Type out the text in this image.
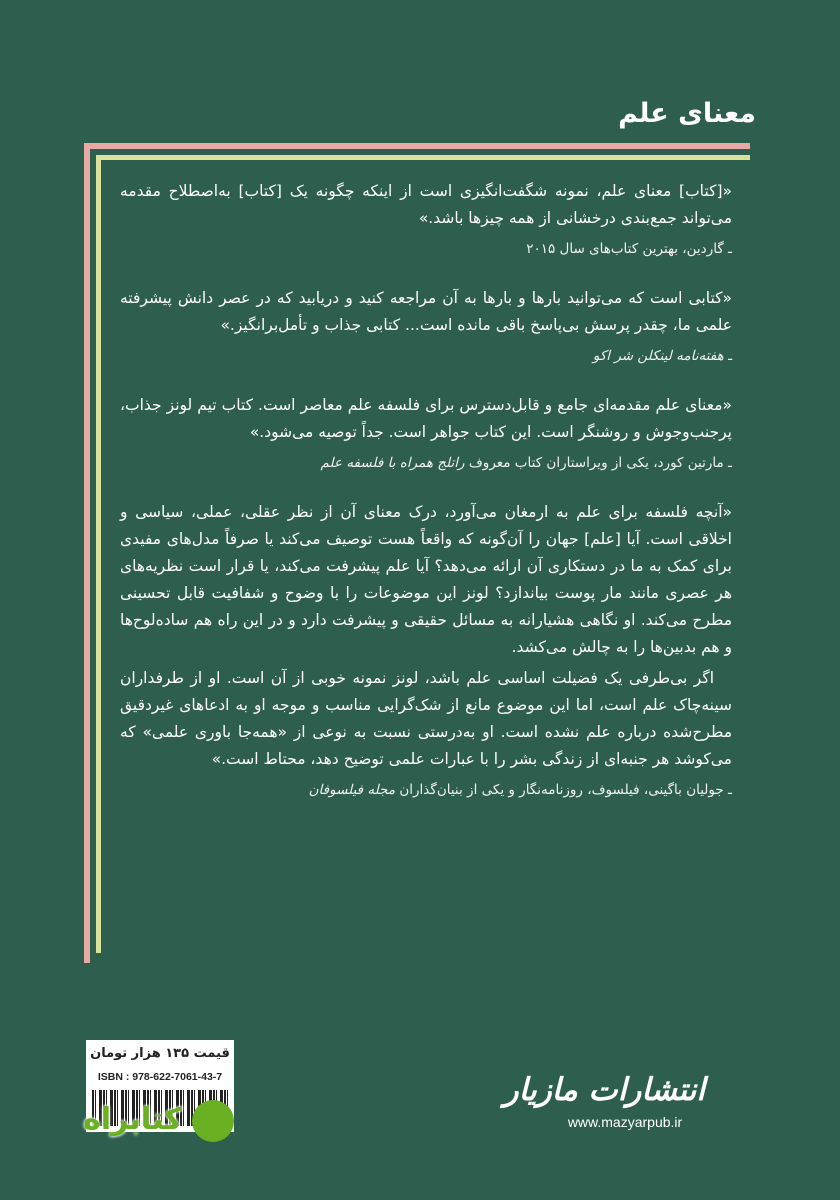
معنای علم

«[کتاب] معنای علم، نمونه شگفت‌انگیزی است از اینکه چگونه یک [کتاب] به‌اصطلاح مقدمه می‌تواند جمع‌بندی درخشانی از همه چیزها باشد.»

ـ گاردین، بهترین کتاب‌های سال ۲۰۱۵

«کتابی است که می‌توانید بارها و بارها به آن مراجعه کنید و دریابید که در عصر دانش پیشرفته علمی ما، چقدر پرسش بی‌پاسخ باقی مانده است... کتابی جذاب و تأمل‌برانگیز.»

ـ هفته‌نامه لینکلن شر اکو

«معنای علم مقدمه‌ای جامع و قابل‌دسترس برای فلسفه علم معاصر است. کتاب تیم لونز جذاب، پرجنب‌وجوش و روشنگر است. این کتاب جواهر است. جداً توصیه می‌شود.»

ـ مارتین کورد، یکی از ویراستاران کتاب معروف راتلج همراه با فلسفه علم

«آنچه فلسفه برای علم به ارمغان می‌آورد، درک معنای آن از نظر عقلی، عملی، سیاسی و اخلاقی است. آیا [علم] جهان را آن‌گونه که واقعاً هست توصیف می‌کند یا صرفاً مدل‌های مفیدی برای کمک به ما در دستکاری آن ارائه می‌دهد؟ آیا علم پیشرفت می‌کند، یا قرار است نظریه‌های هر عصری مانند مار پوست بیاندازد؟ لونز این موضوعات را با وضوح و شفافیت قابل تحسینی مطرح می‌کند. او نگاهی هشیارانه به مسائل حقیقی و پیشرفت دارد و در این راه هم ساده‌لوح‌ها و هم بدبین‌ها را به چالش می‌کشد.

اگر بی‌طرفی یک فضیلت اساسی علم باشد، لونز نمونه خوبی از آن است. او از طرفداران سینه‌چاک علم است، اما این موضوع مانع از شک‌گرایی مناسب و موجه او به ادعاهای غیردقیق مطرح‌شده درباره علم نشده است. او به‌درستی نسبت به نوعی از «همه‌جا باوری علمی» که می‌کوشد هر جنبه‌ای از زندگی بشر را با عبارات علمی توضیح دهد، محتاط است.»

ـ جولیان باگینی، فیلسوف، روزنامه‌نگار و یکی از بنیان‌گذاران مجله فیلسوفان

قیمت ۱۳۵ هزار تومان
ISBN : 978-622-7061-43-7
کتابراه
انتشارات مازیار
www.mazyarpub.ir
